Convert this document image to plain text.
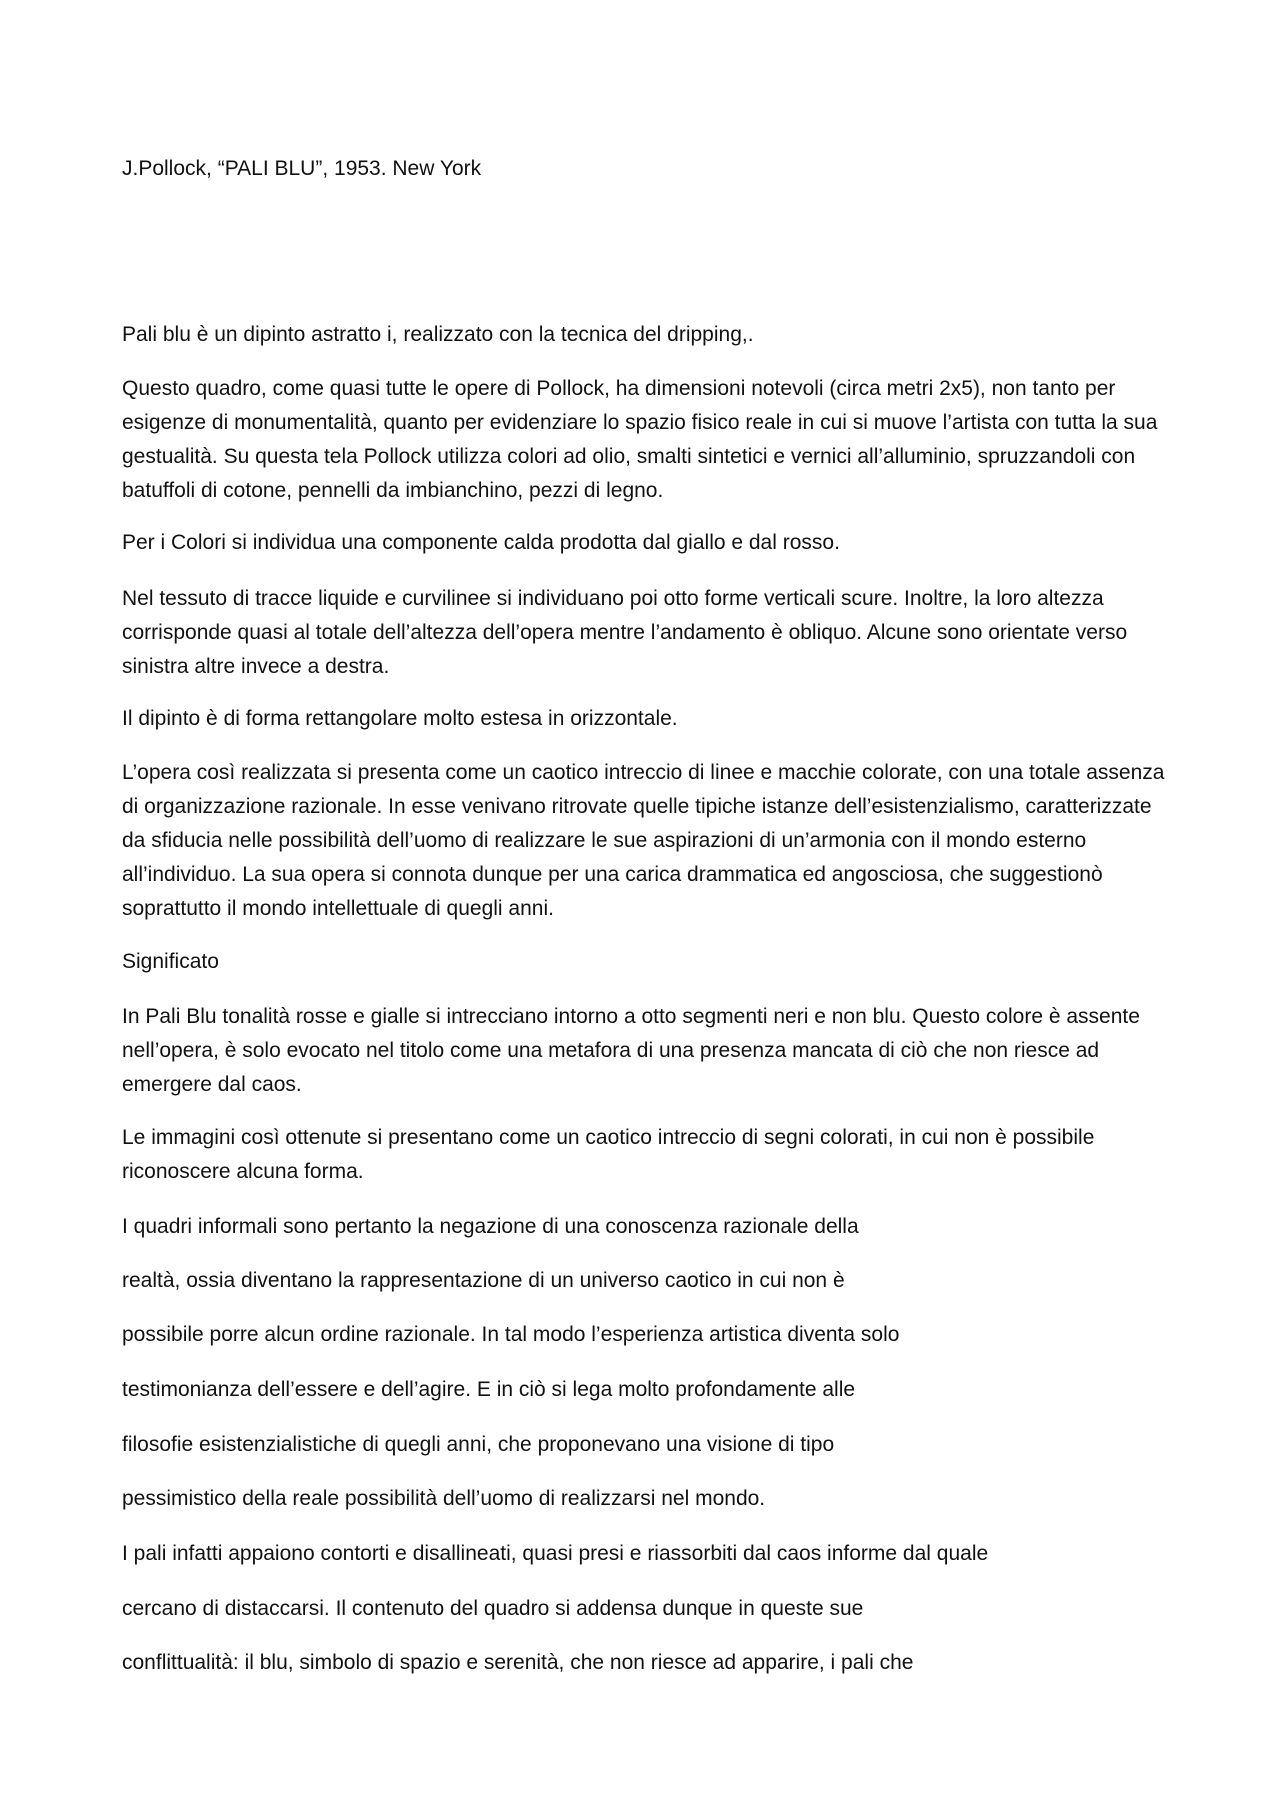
J.Pollock, “PALI BLU”, 1953. New York

Pali blu è un dipinto astratto i, realizzato con la tecnica del dripping,.

Questo quadro, come quasi tutte le opere di Pollock, ha dimensioni notevoli (circa metri 2x5), non tanto per esigenze di monumentalità, quanto per evidenziare lo spazio fisico reale in cui si muove l’artista con tutta la sua gestualità. Su questa tela Pollock utilizza colori ad olio, smalti sintetici e vernici all’alluminio, spruzzandoli con batuffoli di cotone, pennelli da imbianchino, pezzi di legno.

Per i Colori si individua una componente calda prodotta dal giallo e dal rosso.

Nel tessuto di tracce liquide e curvilinee si individuano poi otto forme verticali scure. Inoltre, la loro altezza corrisponde quasi al totale dell’altezza dell’opera mentre l’andamento è obliquo. Alcune sono orientate verso sinistra altre invece a destra.

Il dipinto è di forma rettangolare molto estesa in orizzontale.

L’opera così realizzata si presenta come un caotico intreccio di linee e macchie colorate, con una totale assenza di organizzazione razionale. In esse venivano ritrovate quelle tipiche istanze dell’esistenzialismo, caratterizzate da sfiducia nelle possibilità dell’uomo di realizzare le sue aspirazioni di un’armonia con il mondo esterno all’individuo. La sua opera si connota dunque per una carica drammatica ed angosciosa, che suggestionò soprattutto il mondo intellettuale di quegli anni.

Significato

In Pali Blu tonalità rosse e gialle si intrecciano intorno a otto segmenti neri e non blu. Questo colore è assente nell’opera, è solo evocato nel titolo come una metafora di una presenza mancata di ciò che non riesce ad emergere dal caos.

Le immagini così ottenute si presentano come un caotico intreccio di segni colorati, in cui non è possibile riconoscere alcuna forma.

I quadri informali sono pertanto la negazione di una conoscenza razionale della

realtà, ossia diventano la rappresentazione di un universo caotico in cui non è

possibile porre alcun ordine razionale. In tal modo l’esperienza artistica diventa solo

testimonianza dell’essere e dell’agire. E in ciò si lega molto profondamente alle

filosofie esistenzialistiche di quegli anni, che proponevano una visione di tipo

pessimistico della reale possibilità dell’uomo di realizzarsi nel mondo.

I pali infatti appaiono contorti e disallineati, quasi presi e riassorbiti dal caos informe dal quale

cercano di distaccarsi. Il contenuto del quadro si addensa dunque in queste sue

conflittualità: il blu, simbolo di spazio e serenità, che non riesce ad apparire, i pali che
